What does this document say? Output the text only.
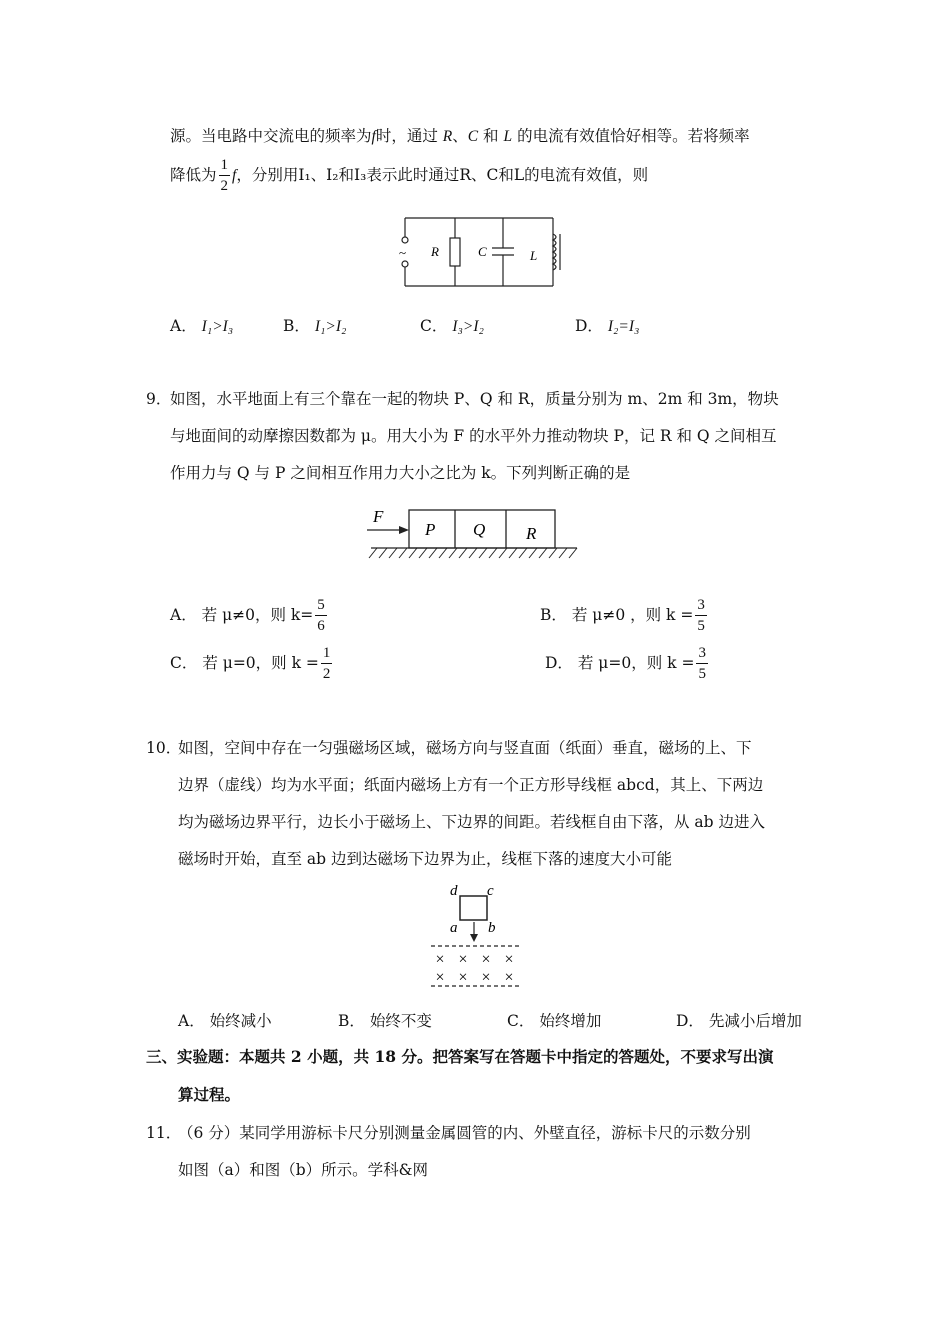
源。当电路中交流电的频率为f时，通过 R、C 和 L 的电流有效值恰好相等。若将频率
降低为 $\frac{1}{2}$ f，分别用I₁、I₂和I₃表示此时通过R、C和L的电流有效值，则
~ R	C	L
A． I₁>I₃	B． I₁>I₂	C． I₃>I₂	D． I₂=I₃
9．
如图，水平地面上有三个靠在一起的物块 P、Q 和 R，质量分别为 m、2m 和 3m，物块
与地面间的动摩擦因数都为 μ。用大小为 F 的水平外力推动物块 P，记 R 和 Q 之间相互
作用力与 Q 与 P 之间相互作用力大小之比为 k。下列判断正确的是
F
P Q R
A． 若 μ≠0，则 $k= \frac{5}{6}$	B． 若 μ≠0 ，则 $k = \frac{3}{5}$
C． 若 μ=0，则 $k = \frac{1}{2}$	D． 若 μ=0，则 $k = \frac{3}{5}$
10．
如图，空间中存在一匀强磁场区域，磁场方向与竖直面（纸面）垂直，磁场的上、下
边界（虚线）均为水平面；纸面内磁场上方有一个正方形导线框 abcd，其上、下两边
均为磁场边界平行，边长小于磁场上、下边界的间距。若线框自由下落，从 ab 边进入
磁场时开始，直至 ab 边到达磁场下边界为止，线框下落的速度大小可能
d c
a b
× × × ×
× × × ×
A． 始终减小	B． 始终不变	C． 始终增加	D． 先减小后增加
三、实验题：本题共 2 小题，共 18 分。把答案写在答题卡中指定的答题处，不要求写出演
算过程。
11．
（6 分）某同学用游标卡尺分别测量金属圆管的内、外壁直径，游标卡尺的示数分别
如图（a）和图（b）所示。学科&网
